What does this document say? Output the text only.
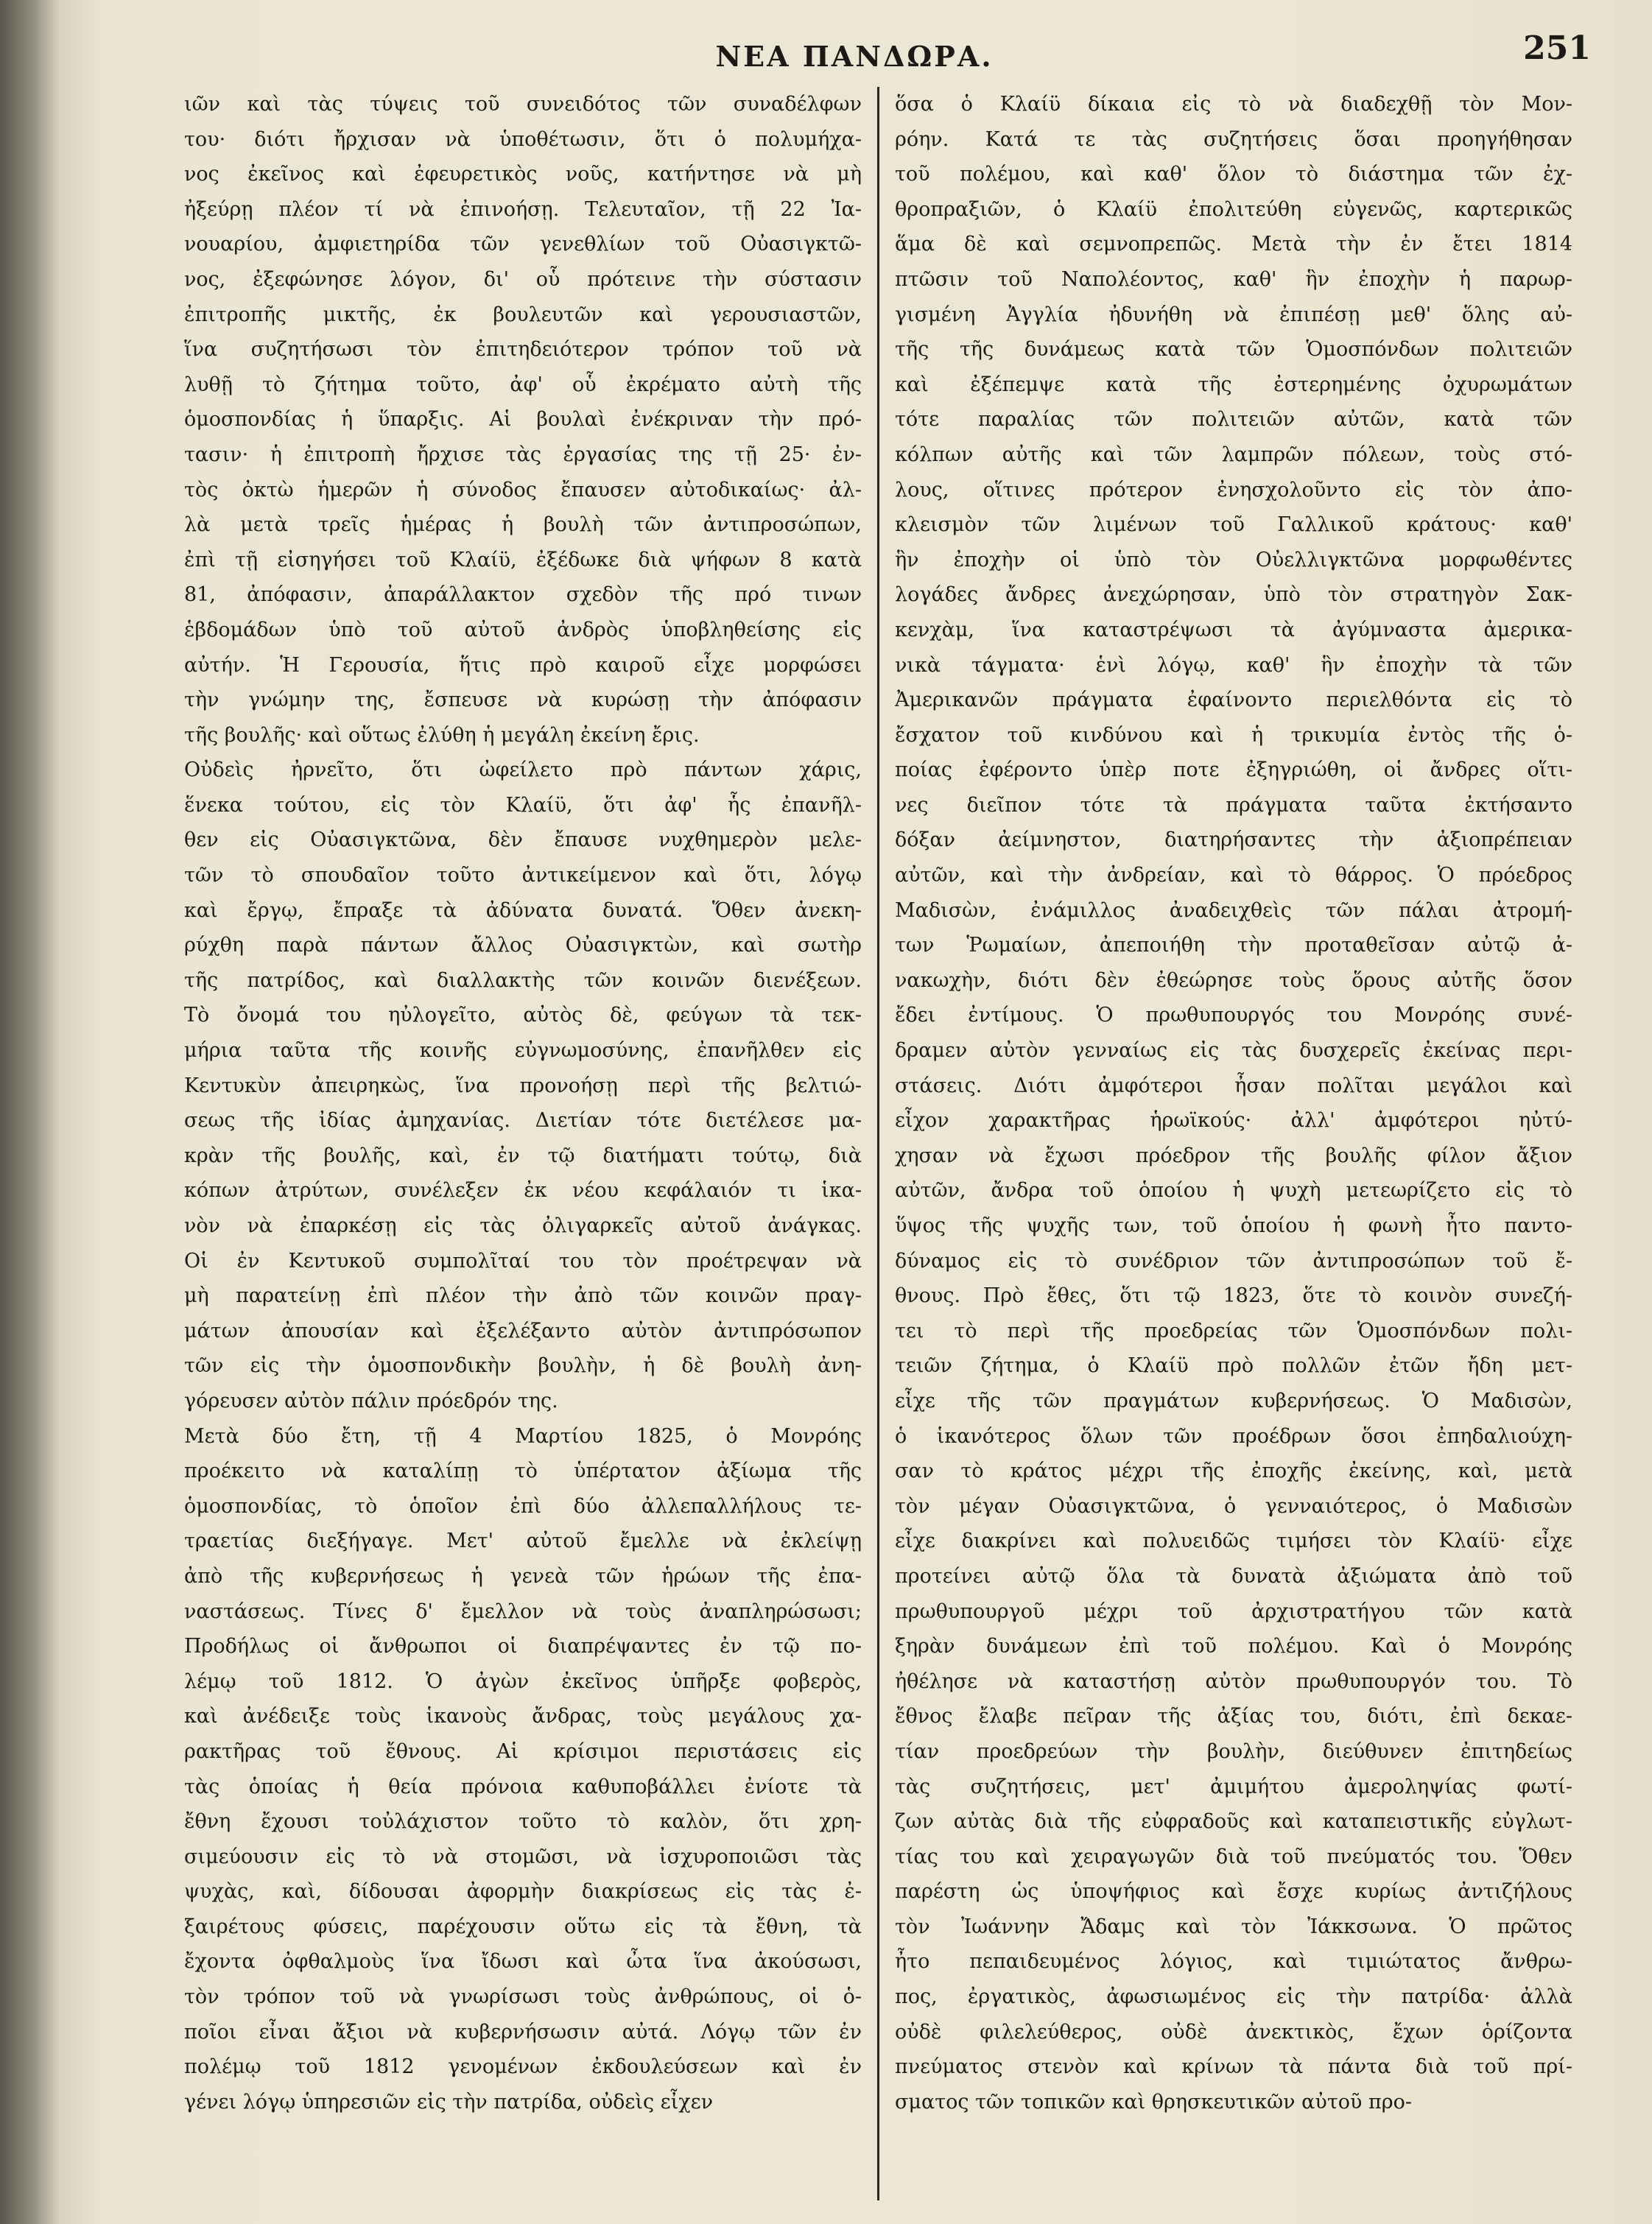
ΝΕΑ ΠΑΝΔΩΡΑ.	251
ιῶν καὶ τὰς τύψεις τοῦ συνειδότος τῶν συναδέλφων
του· διότι ἤρχισαν νὰ ὑποθέτωσιν, ὅτι ὁ πολυμήχα-
νος ἐκεῖνος καὶ ἐφευρετικὸς νοῦς, κατήντησε νὰ μὴ
ἠξεύρῃ πλέον τί νὰ ἐπινοήσῃ. Τελευταῖον, τῇ 22 Ἰα-
νουαρίου, ἀμφιετηρίδα τῶν γενεθλίων τοῦ Οὐασιγκτῶ-
νος, ἐξεφώνησε λόγον, δι' οὗ πρότεινε τὴν σύστασιν
ἐπιτροπῆς μικτῆς, ἐκ βουλευτῶν καὶ γερουσιαστῶν,
ἵνα συζητήσωσι τὸν ἐπιτηδειότερον τρόπον τοῦ νὰ
λυθῇ τὸ ζήτημα τοῦτο, ἀφ' οὗ ἐκρέματο αὐτὴ τῆς
ὁμοσπονδίας ἡ ὕπαρξις. Αἱ βουλαὶ ἐνέκριναν τὴν πρό-
τασιν· ἡ ἐπιτροπὴ ἤρχισε τὰς ἐργασίας της τῇ 25· ἐν-
τὸς ὀκτὼ ἡμερῶν ἡ σύνοδος ἔπαυσεν αὐτοδικαίως· ἀλ-
λὰ μετὰ τρεῖς ἡμέρας ἡ βουλὴ τῶν ἀντιπροσώπων,
ἐπὶ τῇ εἰσηγήσει τοῦ Κλαίϋ, ἐξέδωκε διὰ ψήφων 8 κατὰ
81, ἀπόφασιν, ἀπαράλλακτον σχεδὸν τῆς πρό τινων
ἑβδομάδων ὑπὸ τοῦ αὐτοῦ ἀνδρὸς ὑποβληθείσης εἰς
αὐτήν. Ἡ Γερουσία, ἥτις πρὸ καιροῦ εἶχε μορφώσει
τὴν γνώμην της, ἔσπευσε νὰ κυρώσῃ τὴν ἀπόφασιν
τῆς βουλῆς· καὶ οὕτως ἐλύθη ἡ μεγάλη ἐκείνη ἔρις.
Οὐδεὶς ἠρνεῖτο, ὅτι ὠφείλετο πρὸ πάντων χάρις,
ἕνεκα τούτου, εἰς τὸν Κλαίϋ, ὅτι ἀφ' ἧς ἐπανῆλ-
θεν εἰς Οὐασιγκτῶνα, δὲν ἔπαυσε νυχθημερὸν μελε-
τῶν τὸ σπουδαῖον τοῦτο ἀντικείμενον καὶ ὅτι, λόγῳ
καὶ ἔργῳ, ἔπραξε τὰ ἀδύνατα δυνατά. Ὅθεν ἀνεκη-
ρύχθη παρὰ πάντων ἄλλος Οὐασιγκτὼν, καὶ σωτὴρ
τῆς πατρίδος, καὶ διαλλακτὴς τῶν κοινῶν διενέξεων.
Τὸ ὄνομά του ηὐλογεῖτο, αὐτὸς δὲ, φεύγων τὰ τεκ-
μήρια ταῦτα τῆς κοινῆς εὐγνωμοσύνης, ἐπανῆλθεν εἰς
Κεντυκὺν ἀπειρηκὼς, ἵνα προνοήσῃ περὶ τῆς βελτιώ-
σεως τῆς ἰδίας ἀμηχανίας. Διετίαν τότε διετέλεσε μα-
κρὰν τῆς βουλῆς, καὶ, ἐν τῷ διατήματι τούτῳ, διὰ
κόπων ἀτρύτων, συνέλεξεν ἐκ νέου κεφάλαιόν τι ἱκα-
νὸν νὰ ἐπαρκέσῃ εἰς τὰς ὀλιγαρκεῖς αὐτοῦ ἀνάγκας.
Οἱ ἐν Κεντυκοῦ συμπολῖταί του τὸν προέτρεψαν νὰ
μὴ παρατείνῃ ἐπὶ πλέον τὴν ἀπὸ τῶν κοινῶν πραγ-
μάτων ἀπουσίαν καὶ ἐξελέξαντο αὐτὸν ἀντιπρόσωπον
τῶν εἰς τὴν ὁμοσπονδικὴν βουλὴν, ἡ δὲ βουλὴ ἀνη-
γόρευσεν αὐτὸν πάλιν πρόεδρόν της.
Μετὰ δύο ἔτη, τῇ 4 Μαρτίου 1825, ὁ Μονρόης
προέκειτο νὰ καταλίπῃ τὸ ὑπέρτατον ἀξίωμα τῆς
ὁμοσπονδίας, τὸ ὁποῖον ἐπὶ δύο ἀλλεπαλλήλους τε-
τραετίας διεξήγαγε. Μετ' αὐτοῦ ἔμελλε νὰ ἐκλείψῃ
ἀπὸ τῆς κυβερνήσεως ἡ γενεὰ τῶν ἡρώων τῆς ἐπα-
ναστάσεως. Τίνες δ' ἔμελλον νὰ τοὺς ἀναπληρώσωσι;
Προδήλως οἱ ἄνθρωποι οἱ διαπρέψαντες ἐν τῷ πο-
λέμῳ τοῦ 1812. Ὁ ἀγὼν ἐκεῖνος ὑπῆρξε φοβερὸς,
καὶ ἀνέδειξε τοὺς ἱκανοὺς ἄνδρας, τοὺς μεγάλους χα-
ρακτῆρας τοῦ ἔθνους. Αἱ κρίσιμοι περιστάσεις εἰς
τὰς ὁποίας ἡ θεία πρόνοια καθυποβάλλει ἐνίοτε τὰ
ἔθνη ἔχουσι τοὐλάχιστον τοῦτο τὸ καλὸν, ὅτι χρη-
σιμεύουσιν εἰς τὸ νὰ στομῶσι, νὰ ἰσχυροποιῶσι τὰς
ψυχὰς, καὶ, δίδουσαι ἀφορμὴν διακρίσεως εἰς τὰς ἐ-
ξαιρέτους φύσεις, παρέχουσιν οὕτω εἰς τὰ ἔθνη, τὰ
ἔχοντα ὀφθαλμοὺς ἵνα ἴδωσι καὶ ὦτα ἵνα ἀκούσωσι,
τὸν τρόπον τοῦ νὰ γνωρίσωσι τοὺς ἀνθρώπους, οἱ ὁ-
ποῖοι εἶναι ἄξιοι νὰ κυβερνήσωσιν αὐτά. Λόγῳ τῶν ἐν
πολέμῳ τοῦ 1812 γενομένων ἐκδουλεύσεων καὶ ἐν
γένει λόγῳ ὑπηρεσιῶν εἰς τὴν πατρίδα, οὐδεὶς εἶχεν
ὅσα ὁ Κλαίϋ δίκαια εἰς τὸ νὰ διαδεχθῇ τὸν Μον-
ρόην. Κατά τε τὰς συζητήσεις ὅσαι προηγήθησαν
τοῦ πολέμου, καὶ καθ' ὅλον τὸ διάστημα τῶν ἐχ-
θροπραξιῶν, ὁ Κλαίϋ ἐπολιτεύθη εὐγενῶς, καρτερικῶς
ἅμα δὲ καὶ σεμνοπρεπῶς. Μετὰ τὴν ἐν ἔτει 1814
πτῶσιν τοῦ Ναπολέοντος, καθ' ἣν ἐποχὴν ἡ παρωρ-
γισμένη Ἀγγλία ἠδυνήθη νὰ ἐπιπέσῃ μεθ' ὅλης αὐ-
τῆς τῆς δυνάμεως κατὰ τῶν Ὁμοσπόνδων πολιτειῶν
καὶ ἐξέπεμψε κατὰ τῆς ἐστερημένης ὀχυρωμάτων
τότε παραλίας τῶν πολιτειῶν αὐτῶν, κατὰ τῶν
κόλπων αὐτῆς καὶ τῶν λαμπρῶν πόλεων, τοὺς στό-
λους, οἵτινες πρότερον ἐνησχολοῦντο εἰς τὸν ἀπο-
κλεισμὸν τῶν λιμένων τοῦ Γαλλικοῦ κράτους· καθ'
ἣν ἐποχὴν οἱ ὑπὸ τὸν Οὐελλιγκτῶνα μορφωθέντες
λογάδες ἄνδρες ἀνεχώρησαν, ὑπὸ τὸν στρατηγὸν Σακ-
κενχὰμ, ἵνα καταστρέψωσι τὰ ἀγύμναστα ἀμερικα-
νικὰ τάγματα· ἑνὶ λόγῳ, καθ' ἣν ἐποχὴν τὰ τῶν
Ἀμερικανῶν πράγματα ἐφαίνοντο περιελθόντα εἰς τὸ
ἔσχατον τοῦ κινδύνου καὶ ἡ τρικυμία ἐντὸς τῆς ὁ-
ποίας ἐφέροντο ὑπὲρ ποτε ἐξηγριώθη, οἱ ἄνδρες οἵτι-
νες διεῖπον τότε τὰ πράγματα ταῦτα ἐκτήσαντο
δόξαν ἀείμνηστον, διατηρήσαντες τὴν ἀξιοπρέπειαν
αὐτῶν, καὶ τὴν ἀνδρείαν, καὶ τὸ θάρρος. Ὁ πρόεδρος
Μαδισὼν, ἐνάμιλλος ἀναδειχθεὶς τῶν πάλαι ἀτρομή-
των Ῥωμαίων, ἀπεποιήθη τὴν προταθεῖσαν αὐτῷ ἀ-
νακωχὴν, διότι δὲν ἐθεώρησε τοὺς ὅρους αὐτῆς ὅσον
ἔδει ἐντίμους. Ὁ πρωθυπουργός του Μονρόης συνέ-
δραμεν αὐτὸν γενναίως εἰς τὰς δυσχερεῖς ἐκείνας περι-
στάσεις. Διότι ἀμφότεροι ἦσαν πολῖται μεγάλοι καὶ
εἶχον χαρακτῆρας ἡρωϊκούς· ἀλλ' ἀμφότεροι ηὐτύ-
χησαν νὰ ἔχωσι πρόεδρον τῆς βουλῆς φίλον ἄξιον
αὐτῶν, ἄνδρα τοῦ ὁποίου ἡ ψυχὴ μετεωρίζετο εἰς τὸ
ὕψος τῆς ψυχῆς των, τοῦ ὁποίου ἡ φωνὴ ἦτο παντο-
δύναμος εἰς τὸ συνέδριον τῶν ἀντιπροσώπων τοῦ ἔ-
θνους. Πρὸ ἔθες, ὅτι τῷ 1823, ὅτε τὸ κοινὸν συνεζή-
τει τὸ περὶ τῆς προεδρείας τῶν Ὁμοσπόνδων πολι-
τειῶν ζήτημα, ὁ Κλαίϋ πρὸ πολλῶν ἐτῶν ἤδη μετ-
εἶχε τῆς τῶν πραγμάτων κυβερνήσεως. Ὁ Μαδισὼν,
ὁ ἱκανότερος ὅλων τῶν προέδρων ὅσοι ἐπηδαλιούχη-
σαν τὸ κράτος μέχρι τῆς ἐποχῆς ἐκείνης, καὶ, μετὰ
τὸν μέγαν Οὐασιγκτῶνα, ὁ γενναιότερος, ὁ Μαδισὼν
εἶχε διακρίνει καὶ πολυειδῶς τιμήσει τὸν Κλαίϋ· εἶχε
προτείνει αὐτῷ ὅλα τὰ δυνατὰ ἀξιώματα ἀπὸ τοῦ
πρωθυπουργοῦ μέχρι τοῦ ἀρχιστρατήγου τῶν κατὰ
ξηρὰν δυνάμεων ἐπὶ τοῦ πολέμου. Καὶ ὁ Μονρόης
ἠθέλησε νὰ καταστήσῃ αὐτὸν πρωθυπουργόν του. Τὸ
ἔθνος ἔλαβε πεῖραν τῆς ἀξίας του, διότι, ἐπὶ δεκαε-
τίαν προεδρεύων τὴν βουλὴν, διεύθυνεν ἐπιτηδείως
τὰς συζητήσεις, μετ' ἀμιμήτου ἀμεροληψίας φωτί-
ζων αὐτὰς διὰ τῆς εὐφραδοῦς καὶ καταπειστικῆς εὐγλωτ-
τίας του καὶ χειραγωγῶν διὰ τοῦ πνεύματός του. Ὅθεν
παρέστη ὡς ὑποψήφιος καὶ ἔσχε κυρίως ἀντιζήλους
τὸν Ἰωάννην Ἄδαμς καὶ τὸν Ἰάκκσωνα. Ὁ πρῶτος
ἦτο πεπαιδευμένος λόγιος, καὶ τιμιώτατος ἄνθρω-
πος, ἐργατικὸς, ἀφωσιωμένος εἰς τὴν πατρίδα· ἀλλὰ
οὐδὲ φιλελεύθερος, οὐδὲ ἀνεκτικὸς, ἔχων ὁρίζοντα
πνεύματος στενὸν καὶ κρίνων τὰ πάντα διὰ τοῦ πρί-
σματος τῶν τοπικῶν καὶ θρησκευτικῶν αὐτοῦ προ-
